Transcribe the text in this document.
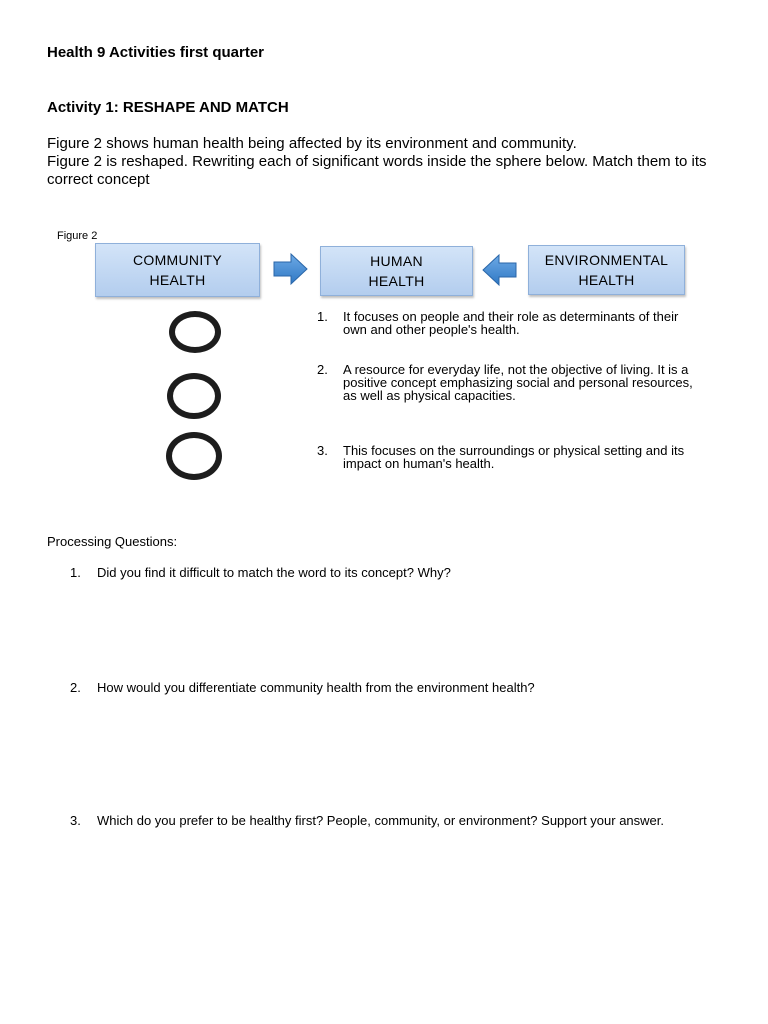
Health 9 Activities first quarter
Activity 1: RESHAPE AND MATCH

Figure 2 shows human health being affected by its environment and community.

Figure 2 is reshaped. Rewriting each of significant words inside the sphere below. Match them to its correct concept

Figure 2
COMMUNITY
HEALTH
HUMAN
HEALTH
ENVIRONMENTAL
HEALTH
1.	It focuses on people and their role as determinants of their own and other people's health.
2.	A resource for everyday life, not the objective of living. It is a positive concept emphasizing social and personal resources, as well as physical capacities.
3.	This focuses on the surroundings or physical setting and its impact on human's health.
Processing Questions:
1.	Did you find it difficult to match the word to its concept? Why?
2.	How would you differentiate community health from the environment health?
3.	Which do you prefer to be healthy first? People, community, or environment? Support your answer.
